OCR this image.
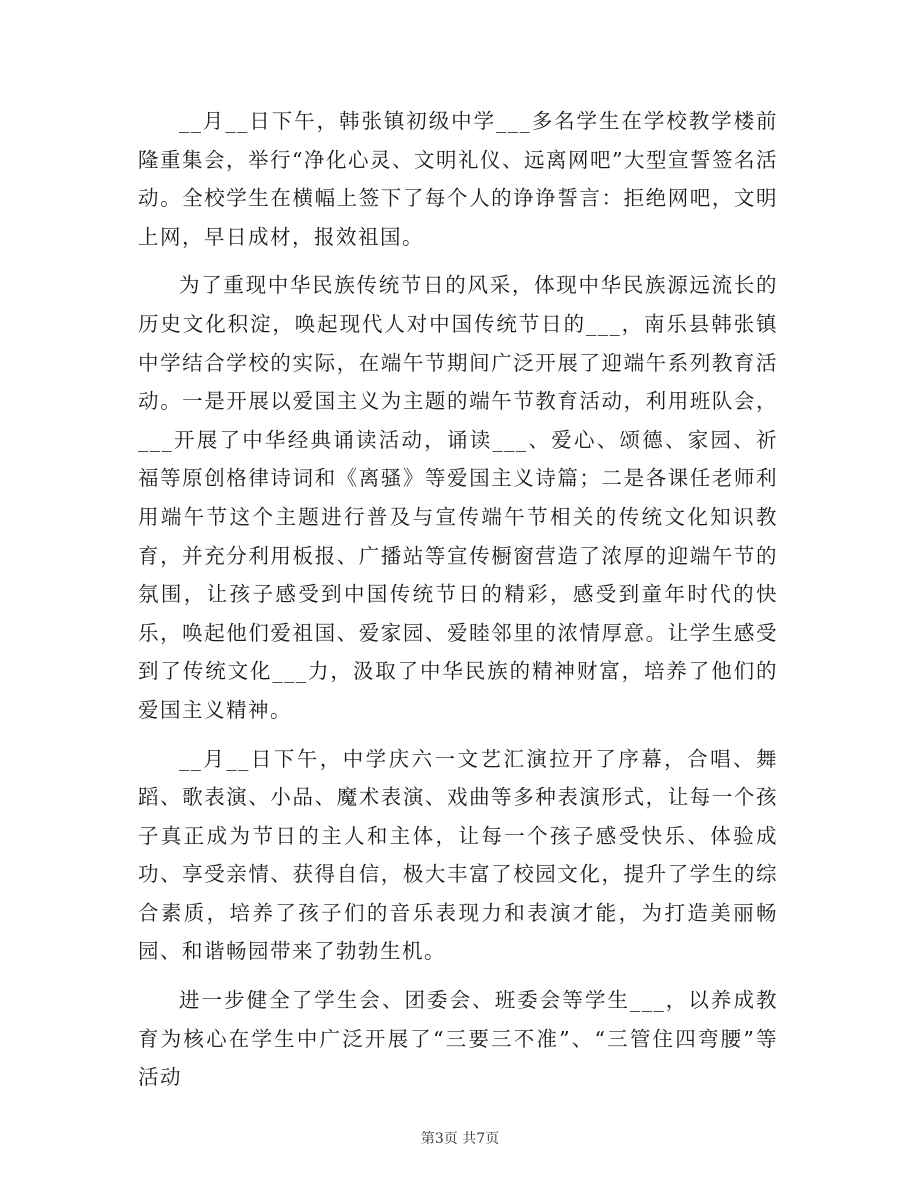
__月__日下午，韩张镇初级中学___多名学生在学校教学楼前隆重集会，举行“净化心灵、文明礼仪、远离网吧”大型宣誓签名活动。全校学生在横幅上签下了每个人的诤诤誓言：拒绝网吧，文明上网，早日成材，报效祖国。

为了重现中华民族传统节日的风采，体现中华民族源远流长的历史文化积淀，唤起现代人对中国传统节日的___，南乐县韩张镇中学结合学校的实际，在端午节期间广泛开展了迎端午系列教育活动。一是开展以爱国主义为主题的端午节教育活动，利用班队会，___开展了中华经典诵读活动，诵读___、爱心、颂德、家园、祈福等原创格律诗词和《离骚》等爱国主义诗篇；二是各课任老师利用端午节这个主题进行普及与宣传端午节相关的传统文化知识教育，并充分利用板报、广播站等宣传橱窗营造了浓厚的迎端午节的氛围，让孩子感受到中国传统节日的精彩，感受到童年时代的快乐，唤起他们爱祖国、爱家园、爱睦邻里的浓情厚意。让学生感受到了传统文化___力，汲取了中华民族的精神财富，培养了他们的爱国主义精神。

__月__日下午，中学庆六一文艺汇演拉开了序幕，合唱、舞蹈、歌表演、小品、魔术表演、戏曲等多种表演形式，让每一个孩子真正成为节日的主人和主体，让每一个孩子感受快乐、体验成功、享受亲情、获得自信，极大丰富了校园文化，提升了学生的综合素质，培养了孩子们的音乐表现力和表演才能，为打造美丽畅园、和谐畅园带来了勃勃生机。

进一步健全了学生会、团委会、班委会等学生___，以养成教育为核心在学生中广泛开展了“三要三不准”、“三管住四弯腰”等活动

第3页 共7页
